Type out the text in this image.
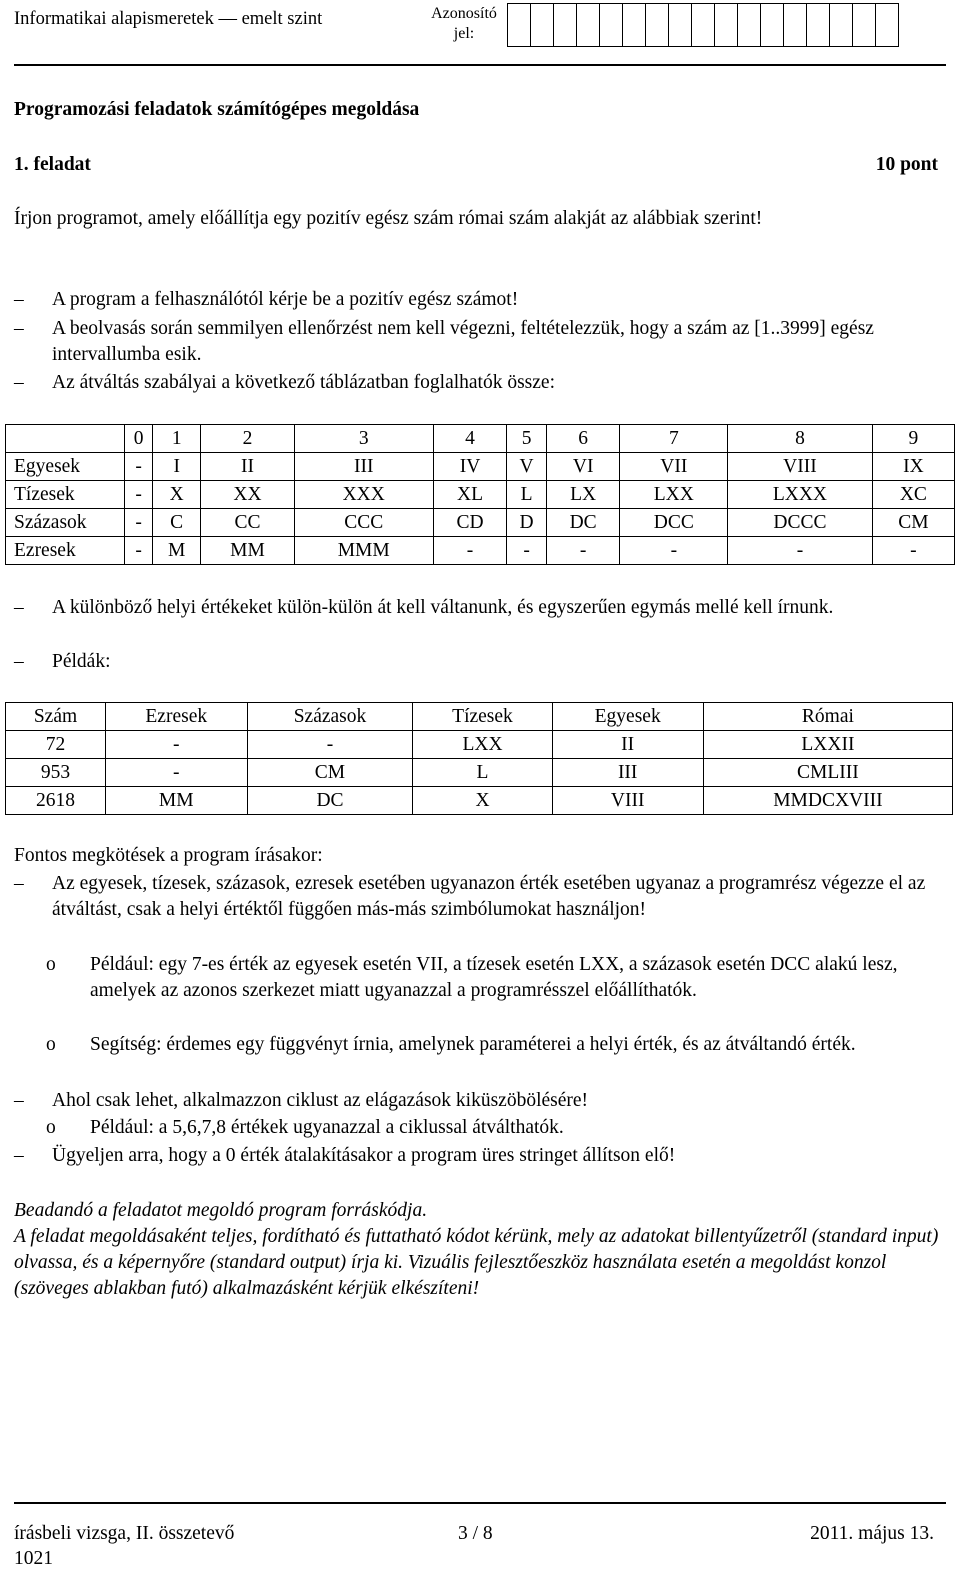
Informatikai alapismeretek — emelt szint	Azonosító jel:
Programozási feladatok számítógépes megoldása
1. feladat	10 pont
Írjon programot, amely előállítja egy pozitív egész szám római szám alakját az alábbiak szerint!
–	A program a felhasználótól kérje be a pozitív egész számot!
–	A beolvasás során semmilyen ellenőrzést nem kell végezni, feltételezzük, hogy a szám az [1..3999] egész intervallumba esik.
–	Az átváltás szabályai a következő táblázatban foglalhatók össze:
	0	1	2	3	4	5	6	7	8	9
Egyesek	-	I	II	III	IV	V	VI	VII	VIII	IX
Tízesek	-	X	XX	XXX	XL	L	LX	LXX	LXXX	XC
Százasok	-	C	CC	CCC	CD	D	DC	DCC	DCCC	CM
Ezresek	-	M	MM	MMM	-	-	-	-	-	-
–	A különböző helyi értékeket külön-külön át kell váltanunk, és egyszerűen egymás mellé kell írnunk.
–	Példák:
Szám	Ezresek	Százasok	Tízesek	Egyesek	Római
72	-	-	LXX	II	LXXII
953	-	CM	L	III	CMLIII
2618	MM	DC	X	VIII	MMDCXVIII
Fontos megkötések a program írásakor:
–	Az egyesek, tízesek, százasok, ezresek esetében ugyanazon érték esetében ugyanaz a programrész végezze el az átváltást, csak a helyi értéktől függően más-más szimbólumokat használjon!
o Például: egy 7-es érték az egyesek esetén VII, a tízesek esetén LXX, a százasok esetén DCC alakú lesz, amelyek az azonos szerkezet miatt ugyanazzal a programrésszel előállíthatók.
o Segítség: érdemes egy függvényt írnia, amelynek paraméterei a helyi érték, és az átváltandó érték.
–	Ahol csak lehet, alkalmazzon ciklust az elágazások kiküszöbölésére!
o Például: a 5,6,7,8 értékek ugyanazzal a ciklussal átválthatók.
–	Ügyeljen arra, hogy a 0 érték átalakításakor a program üres stringet állítson elő!
Beadandó a feladatot megoldó program forráskódja.
A feladat megoldásaként teljes, fordítható és futtatható kódot kérünk, mely az adatokat billentyűzetről (standard input) olvassa, és a képernyőre (standard output) írja ki. Vizuális fejlesztőeszköz használata esetén a megoldást konzol (szöveges ablakban futó) alkalmazásként kérjük elkészíteni!
írásbeli vizsga, II. összetevő	3 / 8	2011. május 13.
1021
